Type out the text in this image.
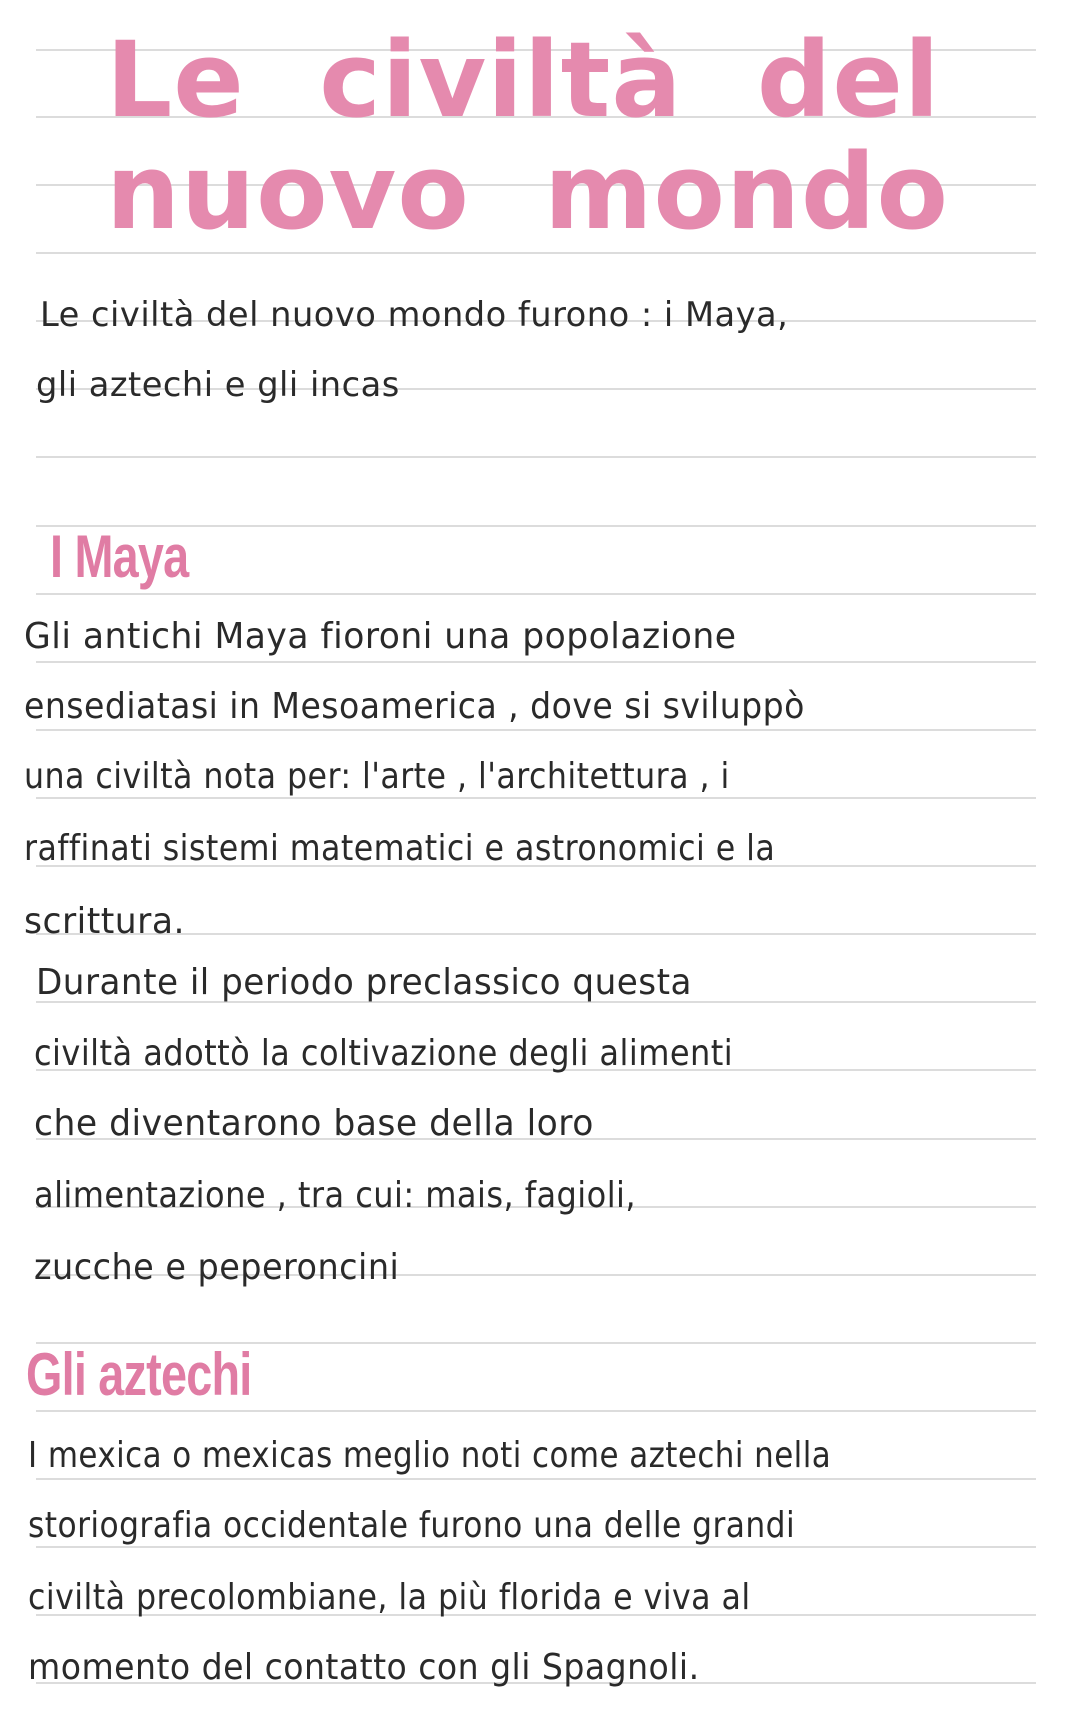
Le  civiltà  del
nuovo  mondo
Le civiltà del nuovo mondo furono : i Maya,
gli aztechi e gli incas
I Maya
Gli antichi Maya fioroni una popolazione
ensediatasi in Mesoamerica , dove si sviluppò
una civiltà nota per: l'arte , l'architettura , i
raffinati sistemi matematici e astronomici e la
scrittura.
Durante il periodo preclassico questa
civiltà adottò la coltivazione degli alimenti
che diventarono base della loro
alimentazione , tra cui: mais, fagioli,
zucche e peperoncini
Gli aztechi
I mexica o mexicas meglio noti come aztechi nella
storiografia occidentale furono una delle grandi
civiltà precolombiane, la più florida e viva al
momento del contatto con gli Spagnoli.
